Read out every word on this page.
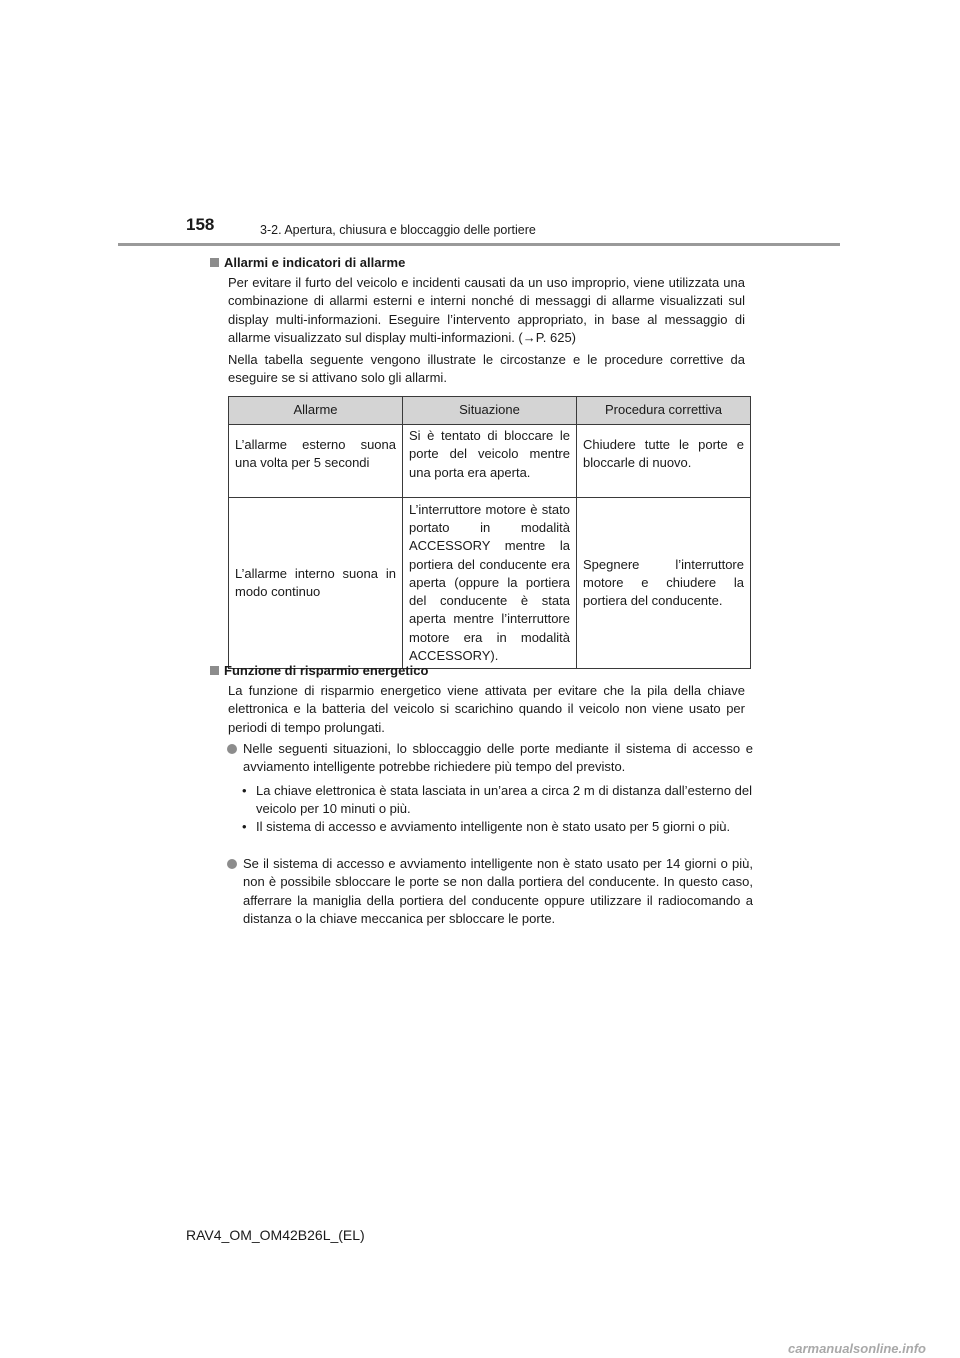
158	3-2. Apertura, chiusura e bloccaggio delle portiere
Allarmi e indicatori di allarme
Per evitare il furto del veicolo e incidenti causati da un uso improprio, viene utilizzata una combinazione di allarmi esterni e interni nonché di messaggi di allarme visualizzati sul display multi-informazioni. Eseguire l’intervento appropriato, in base al messaggio di allarme visualizzato sul display multi-informazioni. (→P. 625)
Nella tabella seguente vengono illustrate le circostanze e le procedure correttive da eseguire se si attivano solo gli allarmi.
Allarme	Situazione	Procedura correttiva
L’allarme esterno suona una volta per 5 secondi	Si è tentato di bloccare le porte del veicolo mentre una porta era aperta.	Chiudere tutte le porte e bloccarle di nuovo.
L’allarme interno suona in modo continuo	L’interruttore motore è stato portato in modalità ACCESSORY mentre la portiera del conducente era aperta (oppure la portiera del conducente è stata aperta mentre l’interruttore motore era in modalità ACCESSORY).	Spegnere l’interruttore motore e chiudere la portiera del conducente.
Funzione di risparmio energetico
La funzione di risparmio energetico viene attivata per evitare che la pila della chiave elettronica e la batteria del veicolo si scarichino quando il veicolo non viene usato per periodi di tempo prolungati.
Nelle seguenti situazioni, lo sbloccaggio delle porte mediante il sistema di accesso e avviamento intelligente potrebbe richiedere più tempo del previsto.
• La chiave elettronica è stata lasciata in un’area a circa 2 m di distanza dall’esterno del veicolo per 10 minuti o più.
• Il sistema di accesso e avviamento intelligente non è stato usato per 5 giorni o più.
Se il sistema di accesso e avviamento intelligente non è stato usato per 14 giorni o più, non è possibile sbloccare le porte se non dalla portiera del conducente. In questo caso, afferrare la maniglia della portiera del conducente oppure utilizzare il radiocomando a distanza o la chiave meccanica per sbloccare le porte.
RAV4_OM_OM42B26L_(EL)
carmanualsonline.info
